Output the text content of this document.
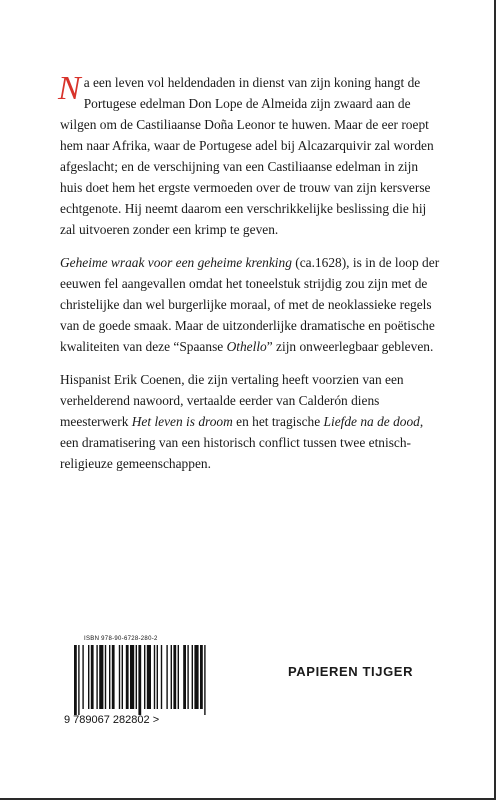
Na een leven vol heldendaden in dienst van zijn koning hangt de Portugese edelman Don Lope de Almeida zijn zwaard aan de wilgen om de Castiliaanse Doña Leonor te huwen. Maar de eer roept hem naar Afrika, waar de Portugese adel bij Alcazarquivir zal worden afgeslacht; en de verschijning van een Castiliaanse edelman in zijn huis doet hem het ergste vermoeden over de trouw van zijn kersverse echtgenote. Hij neemt daarom een verschrikkelijke beslissing die hij zal uitvoeren zonder een krimp te geven.

Geheime wraak voor een geheime krenking (ca.1628), is in de loop der eeuwen fel aangevallen omdat het toneelstuk strijdig zou zijn met de christelijke dan wel burgerlijke moraal, of met de neoklassieke regels van de goede smaak. Maar de uitzonderlijke dramatische en poëtische kwaliteiten van deze “Spaanse Othello” zijn onweerlegbaar gebleven.

Hispanist Erik Coenen, die zijn vertaling heeft voorzien van een verhelderend nawoord, vertaalde eerder van Calderón diens meesterwerk Het leven is droom en het tragische Liefde na de dood, een dramatisering van een historisch conflict tussen twee etnisch-religieuze gemeenschappen.

ISBN 978-90-6728-280-2
9 789067 282802 >
PAPIEREN TIJGER
